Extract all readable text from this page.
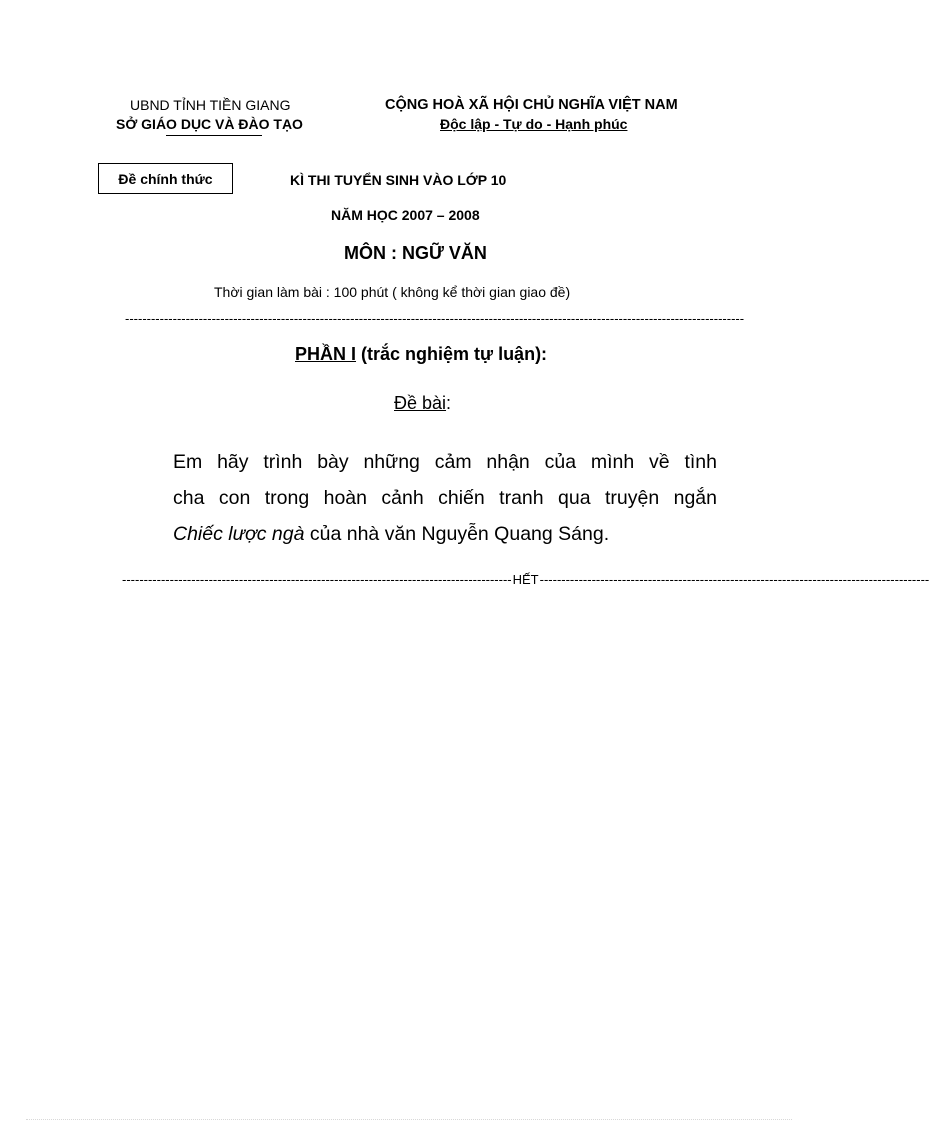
UBND TỈNH TIỀN GIANG
SỞ GIÁO DỤC VÀ ĐÀO TẠO
CỘNG HOÀ XÃ HỘI CHỦ NGHĨA VIỆT NAM
Độc lập - Tự do - Hạnh phúc
Đề chính thức	KÌ THI TUYỂN SINH VÀO LỚP 10
NĂM HỌC 2007 – 2008
MÔN : NGỮ VĂN
Thời gian làm bài : 100 phút ( không kể thời gian giao đề)
-----------------------------------------------------------------------------------------------------------------------------------------------
PHẦN I (trắc nghiệm tự luận):
Đề bài:
Em hãy trình bày những cảm nhận của mình về tình
cha con trong hoàn cảnh chiến tranh qua truyện ngắn
Chiếc lược ngà của nhà văn Nguyễn Quang Sáng.
------------------------------------------------------------------------------------------ HẾT ------------------------------------------------------------------------------------------
